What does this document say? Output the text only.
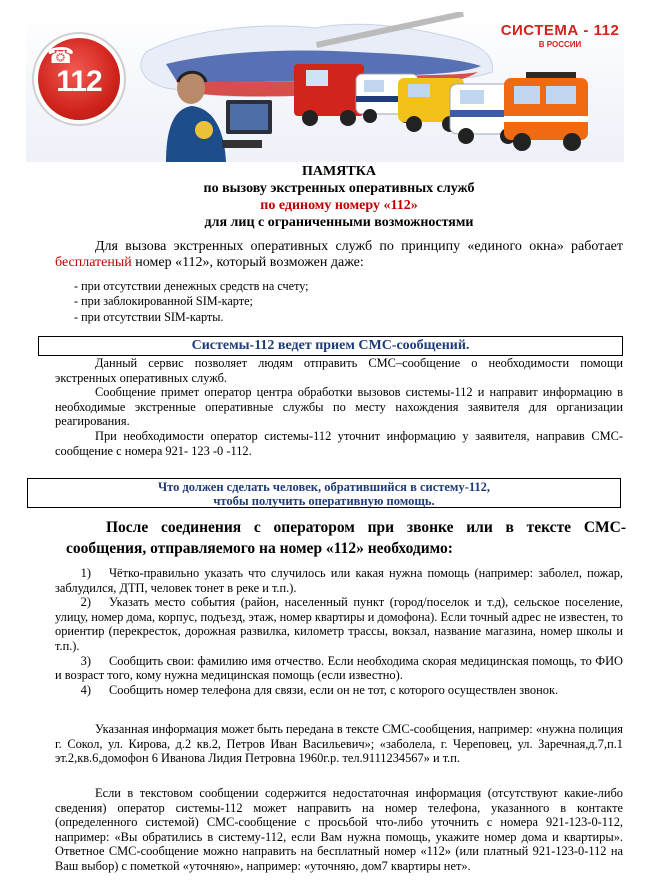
☎
112
СИСТЕМА - 112
В РОССИИ
ПАМЯТКА
по вызову экстренных оперативных служб
по единому номеру «112»
для лиц с ограниченными возможностями
Для вызова экстренных оперативных служб по принципу «единого окна» работает бесплатеный номер «112», который возможен даже:
- при отсутствии денежных средств на счету;
- при заблокированной SIM-карте;
- при отсутствии SIM-карты.
Системы-112 ведет прием СМС-сообщений.
Данный сервис позволяет людям отправить СМС–сообщение о необходимости помощи экстренных оперативных служб.
Сообщение примет оператор центра обработки вызовов системы-112 и направит информацию в необходимые экстренные оперативные службы по месту нахождения заявителя для организации реагирования.
При необходимости оператор системы-112 уточнит информацию у заявителя, направив СМС-сообщение с номера 921- 123 -0 -112.
Что должен сделать человек, обратившийся в систему-112,
чтобы получить оперативную помощь.
После соединения с оператором при звонке или в тексте СМС-сообщения, отправляемого на номер «112» необходимо:
1) Чётко-правильно указать что случилось или какая нужна помощь (например: заболел, пожар, заблудился, ДТП, человек тонет в реке и т.п.).
2) Указать место события (район, населенный пункт (город/поселок и т.д), сельское поселение, улицу, номер дома, корпус, подъезд, этаж, номер квартиры и домофона). Если точный адрес не известен, то ориентир (перекресток, дорожная развилка, километр трассы, вокзал, название магазина, номер школы и т.п.).
3) Сообщить свои: фамилию имя отчество. Если необходима скорая медицинская помощь, то ФИО и возраст того, кому нужна медицинская помощь (если известно).
4) Сообщить номер телефона для связи, если он не тот, с которого осуществлен звонок.
Указанная информация может быть передана в тексте СМС-сообщения, например: «нужна полиция г. Сокол, ул. Кирова, д.2 кв.2, Петров Иван Васильевич»; «заболела, г. Череповец, ул. Заречная,д.7,п.1 эт.2,кв.6,домофон 6 Иванова Лидия Петровна 1960г.р. тел.9111234567» и т.п.
Если в текстовом сообщении содержится недостаточная информация (отсутствуют какие-либо сведения) оператор системы-112 может направить на номер телефона, указанного в контакте (определенного системой) СМС-сообщение с просьбой что-либо уточнить с номера 921-123-0-112, например: «Вы обратились в систему-112, если Вам нужна помощь, укажите номер дома и квартиры». Ответное СМС-сообщение можно направить на бесплатный номер «112» (или платный 921-123-0-112 на Ваш выбор) с пометкой «уточняю», например: «уточняю, дом7 квартиры нет».
